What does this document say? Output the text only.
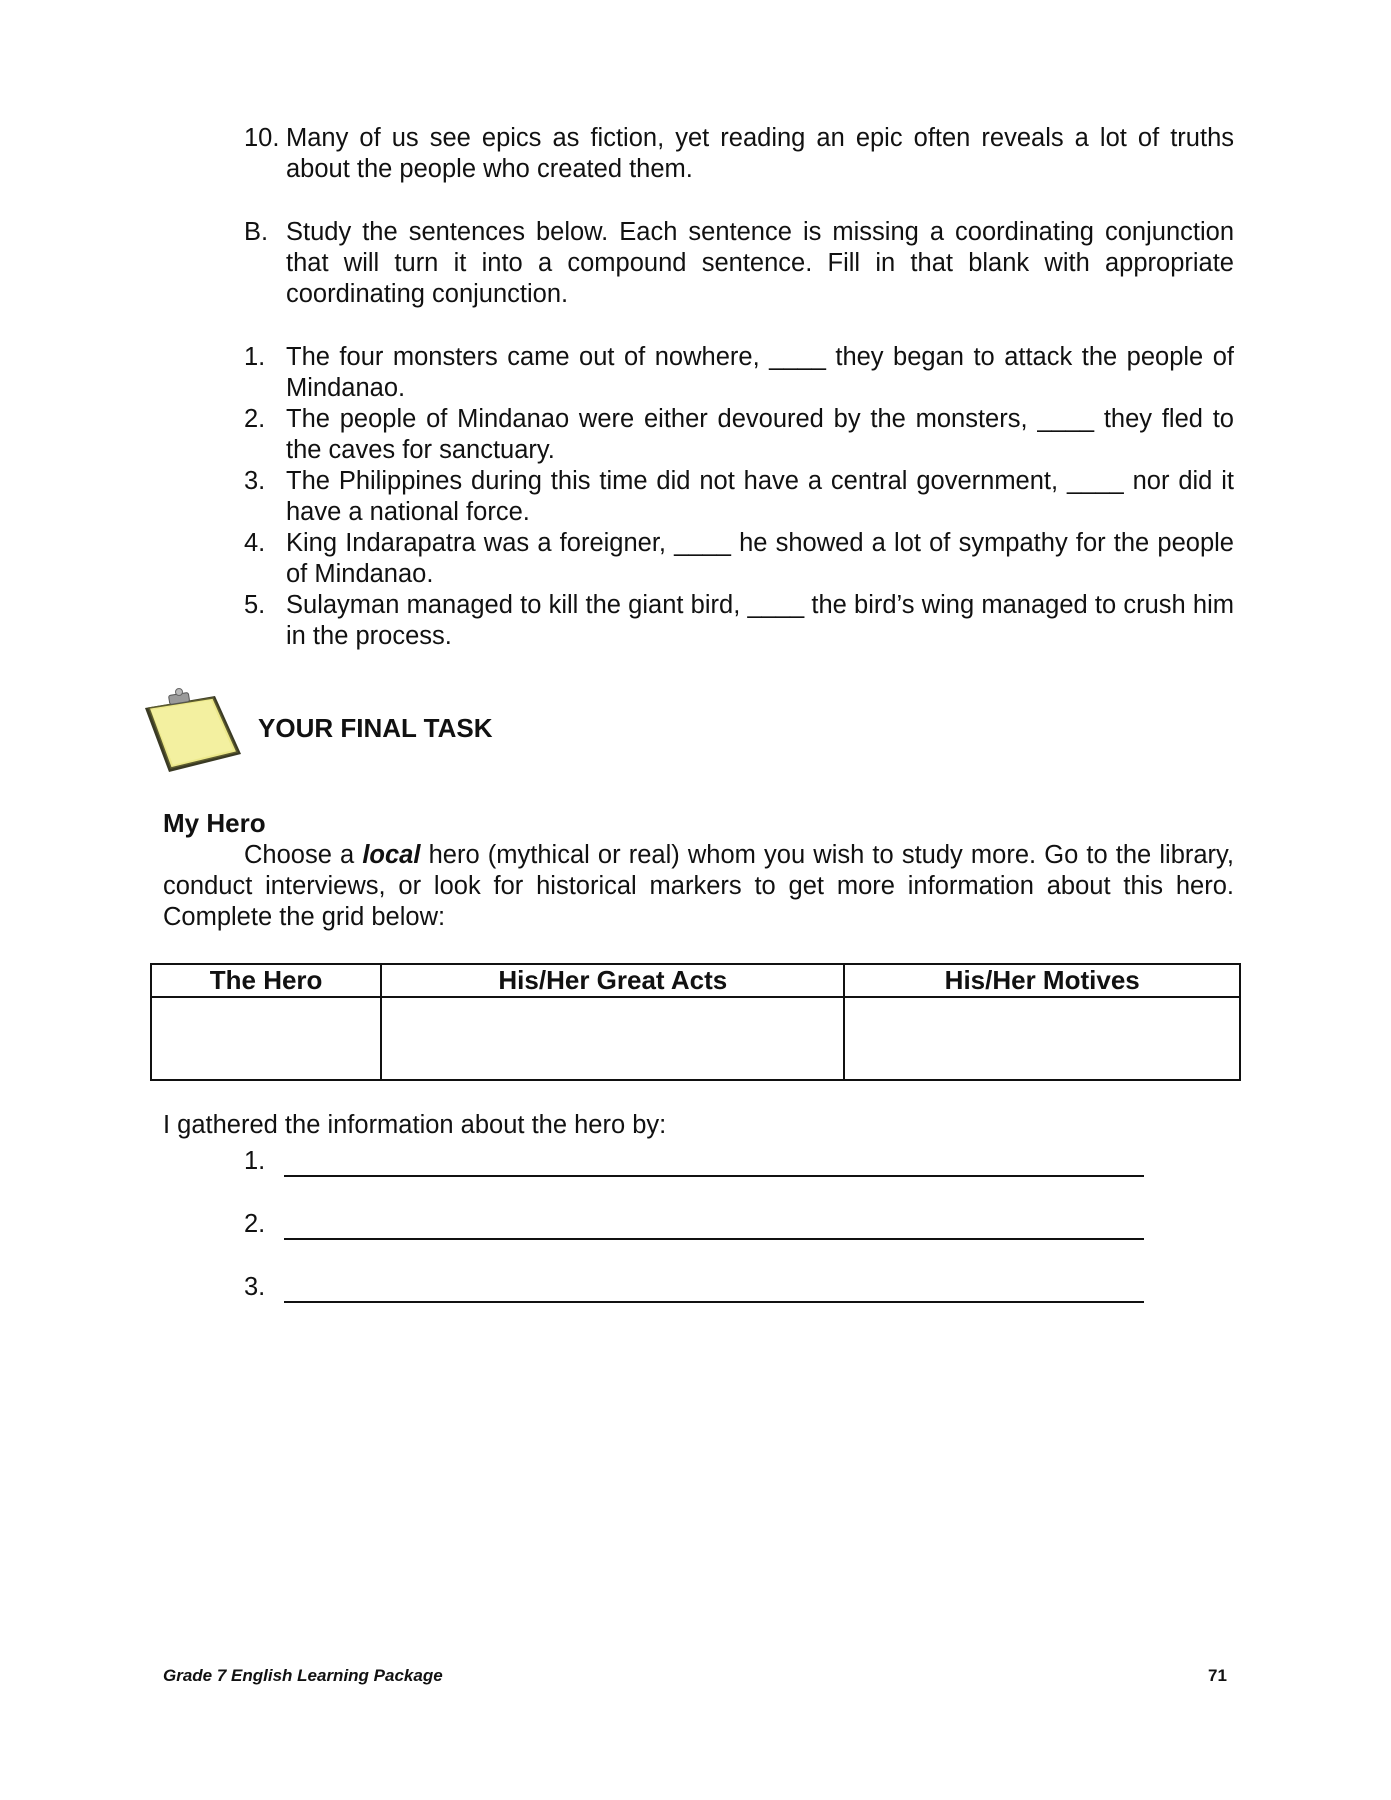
10. Many of us see epics as fiction, yet reading an epic often reveals a lot of truths about the people who created them.
B. Study the sentences below. Each sentence is missing a coordinating conjunction that will turn it into a compound sentence. Fill in that blank with appropriate coordinating conjunction.
1. The four monsters came out of nowhere, ____ they began to attack the people of Mindanao.
2. The people of Mindanao were either devoured by the monsters, ____ they fled to the caves for sanctuary.
3. The Philippines during this time did not have a central government, ____ nor did it have a national force.
4. King Indarapatra was a foreigner, ____ he showed a lot of sympathy for the people of Mindanao.
5. Sulayman managed to kill the giant bird, ____ the bird’s wing managed to crush him in the process.
YOUR FINAL TASK
My Hero
Choose a local hero (mythical or real) whom you wish to study more. Go to the library, conduct interviews, or look for historical markers to get more information about this hero. Complete the grid below:
The Hero	His/Her Great Acts	His/Her Motives

I gathered the information about the hero by:
1.
2.
3.
Grade 7 English Learning Package	71
